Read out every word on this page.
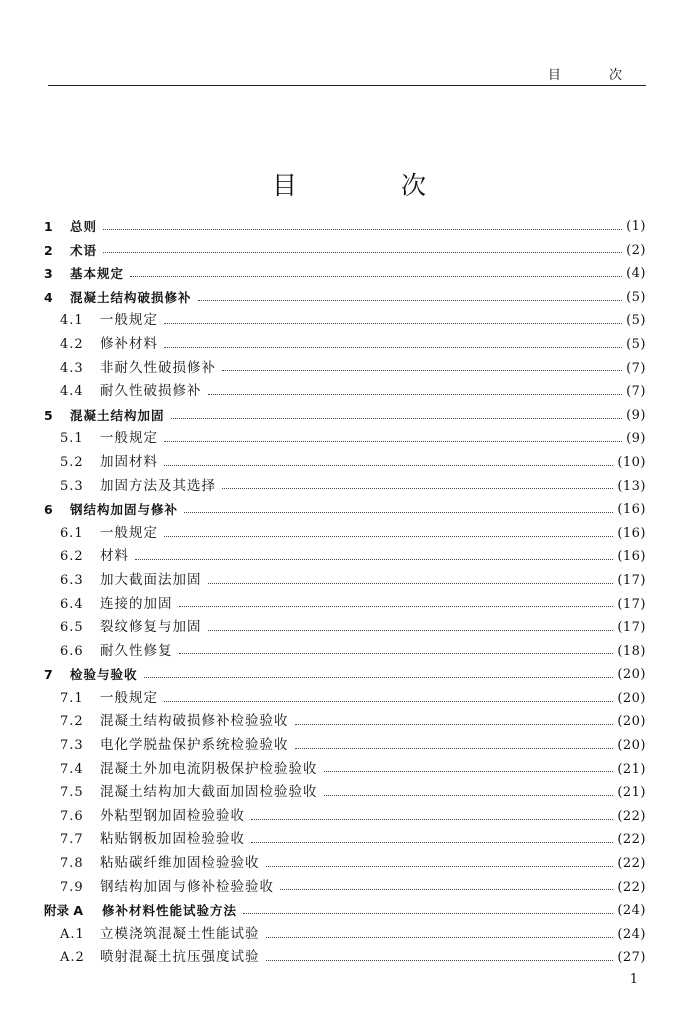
目 次
目 次
1	总则	(1)
2	术语	(2)
3	基本规定	(4)
4	混凝土结构破损修补	(5)
4.1	一般规定	(5)
4.2	修补材料	(5)
4.3	非耐久性破损修补	(7)
4.4	耐久性破损修补	(7)
5	混凝土结构加固	(9)
5.1	一般规定	(9)
5.2	加固材料	(10)
5.3	加固方法及其选择	(13)
6	钢结构加固与修补	(16)
6.1	一般规定	(16)
6.2	材料	(16)
6.3	加大截面法加固	(17)
6.4	连接的加固	(17)
6.5	裂纹修复与加固	(17)
6.6	耐久性修复	(18)
7	检验与验收	(20)
7.1	一般规定	(20)
7.2	混凝土结构破损修补检验验收	(20)
7.3	电化学脱盐保护系统检验验收	(20)
7.4	混凝土外加电流阴极保护检验验收	(21)
7.5	混凝土结构加大截面加固检验验收	(21)
7.6	外粘型钢加固检验验收	(22)
7.7	粘贴钢板加固检验验收	(22)
7.8	粘贴碳纤维加固检验验收	(22)
7.9	钢结构加固与修补检验验收	(22)
附录 A	修补材料性能试验方法	(24)
A.1	立模浇筑混凝土性能试验	(24)
A.2	喷射混凝土抗压强度试验	(27)
1
